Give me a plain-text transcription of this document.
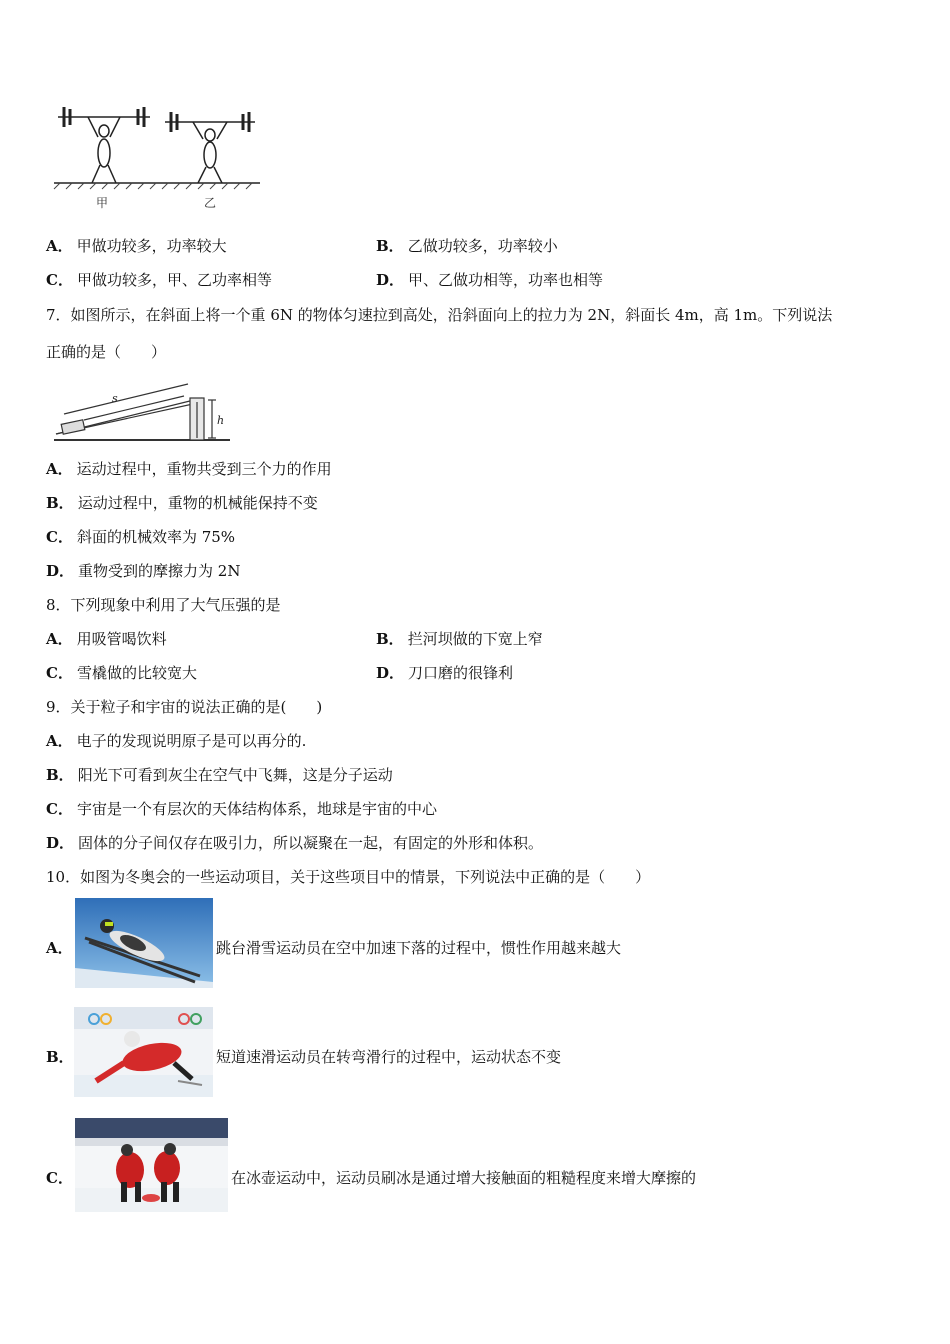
甲	乙
A． 甲做功较多，功率较大	B． 乙做功较多，功率较小
C． 甲做功较多，甲、乙功率相等	D． 甲、乙做功相等，功率也相等
7．如图所示，在斜面上将一个重 6N 的物体匀速拉到高处，沿斜面向上的拉力为 2N，斜面长 4m，高 1m。下列说法
正确的是（　　）
s
h
A． 运动过程中，重物共受到三个力的作用
B． 运动过程中，重物的机械能保持不变
C． 斜面的机械效率为 75%
D． 重物受到的摩擦力为 2N
8．下列现象中利用了大气压强的是
A． 用吸管喝饮料	B． 拦河坝做的下宽上窄
C． 雪橇做的比较宽大	D． 刀口磨的很锋利
9．关于粒子和宇宙的说法正确的是(　　)
A． 电子的发现说明原子是可以再分的.
B． 阳光下可看到灰尘在空气中飞舞，这是分子运动
C． 宇宙是一个有层次的天体结构体系，地球是宇宙的中心
D． 固体的分子间仅存在吸引力，所以凝聚在一起，有固定的外形和体积。
10．如图为冬奥会的一些运动项目，关于这些项目中的情景，下列说法中正确的是（　　）
A．	跳台滑雪运动员在空中加速下落的过程中，惯性作用越来越大
B．	短道速滑运动员在转弯滑行的过程中，运动状态不变
C．	在冰壶运动中，运动员刷冰是通过增大接触面的粗糙程度来增大摩擦的
